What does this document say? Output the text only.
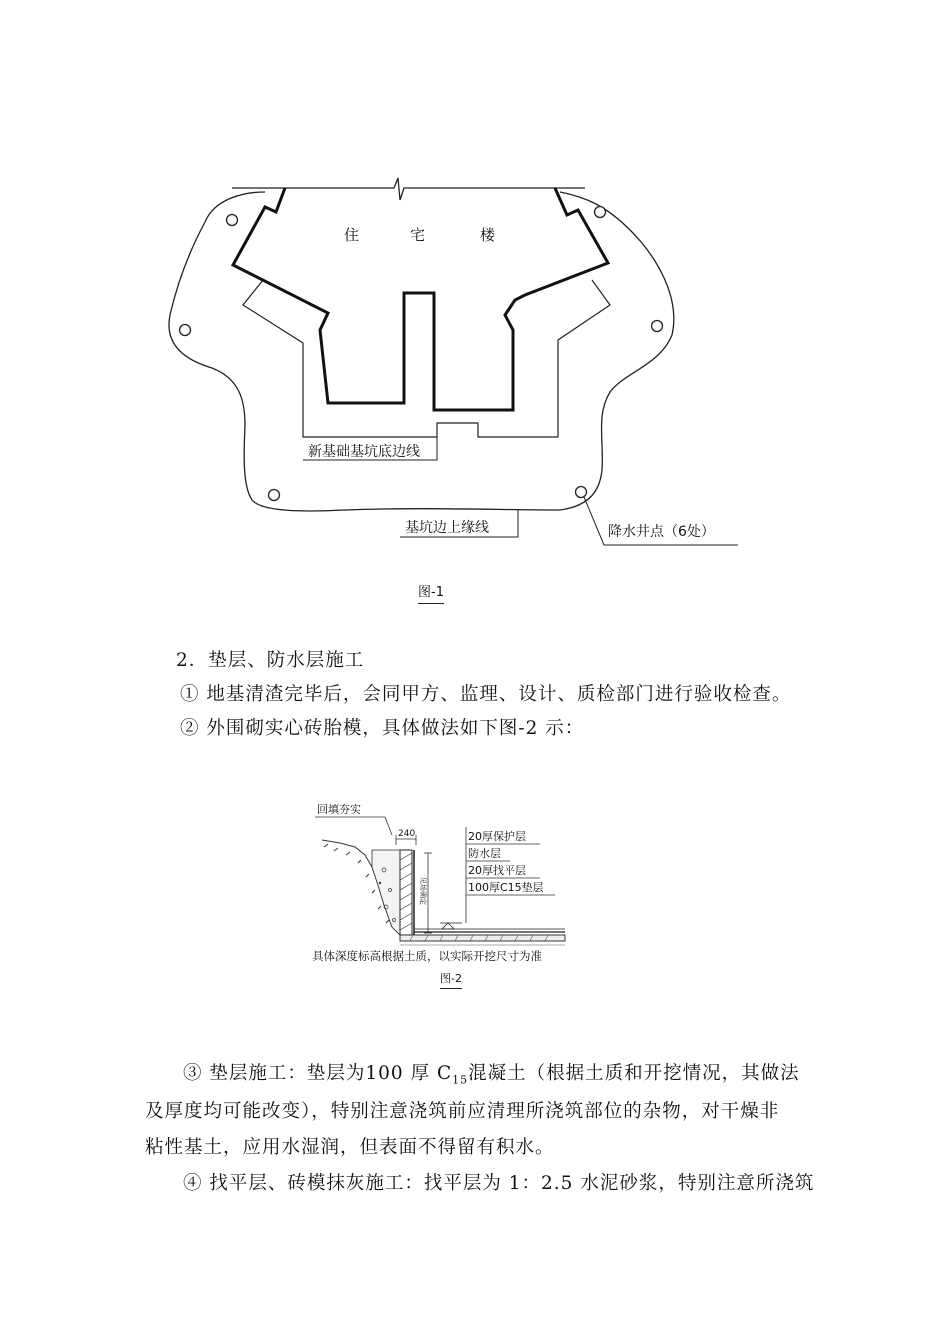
住	宅	楼
新基础基坑底边线
基坑边上缘线	降水井点（6处）
图-1
2．垫层、防水层施工
① 地基清渣完毕后，会同甲方、监理、设计、质检部门进行验收检查。
② 外围砌实心砖胎模，具体做法如下图-2 示：
回填夯实
240
见场确定
20厚保护层
防水层
20厚找平层
100厚C15垫层
具体深度标高根据土质，以实际开挖尺寸为准
图-2
③ 垫层施工：垫层为100 厚 $C_{15}$混凝土（根据土质和开挖情况，其做法
及厚度均可能改变），特别注意浇筑前应清理所浇筑部位的杂物，对干燥非
粘性基土，应用水湿润，但表面不得留有积水。
④ 找平层、砖模抹灰施工：找平层为 1：2.5 水泥砂浆，特别注意所浇筑
